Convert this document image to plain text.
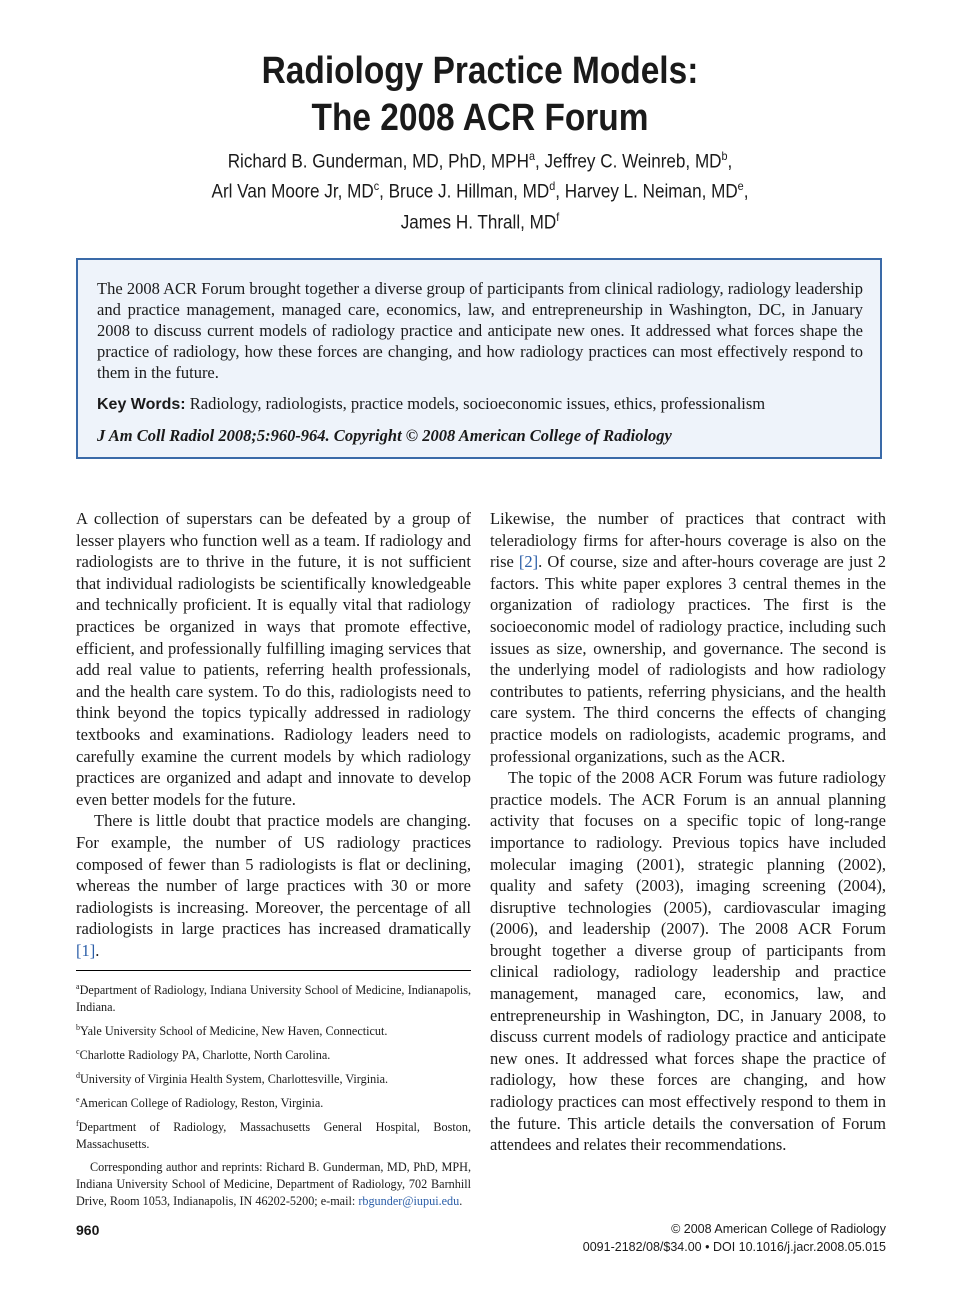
Radiology Practice Models:
The 2008 ACR Forum
Richard B. Gunderman, MD, PhD, MPH$^a$, Jeffrey C. Weinreb, $MD^b$,
Arl Van Moore Jr, $MD^c$, Bruce J. Hillman, $MD^d$, Harvey L. Neiman, MDe,
James H. Thrall, $MD^f$
The 2008 ACR Forum brought together a diverse group of participants from clinical radiology, radiology leadership and practice management, managed care, economics, law, and entrepreneurship in Washington, DC, in January 2008 to discuss current models of radiology practice and anticipate new ones. It addressed what forces shape the practice of radiology, how these forces are changing, and how radiology practices can most effectively respond to them in the future.
Key Words: Radiology, radiologists, practice models, socioeconomic issues, ethics, professionalism
J Am Coll Radiol 2008;5:960-964. Copyright © 2008 American College of Radiology

A collection of superstars can be defeated by a group of lesser players who function well as a team. If radiology and radiologists are to thrive in the future, it is not sufficient that individual radiologists be scientifically knowledgeable and technically proficient. It is equally vital that radiology practices be organized in ways that promote effective, efficient, and professionally fulfilling imaging services that add real value to patients, referring health professionals, and the health care system. To do this, radiologists need to think beyond the topics typically addressed in radiology textbooks and examinations. Radiology leaders need to carefully examine the current models by which radiology practices are organized and adapt and innovate to develop even better models for the future.

There is little doubt that practice models are changing. For example, the number of US radiology practices composed of fewer than 5 radiologists is flat or declining, whereas the number of large practices with 30 or more radiologists is increasing. Moreover, the percentage of all radiologists in large practices has increased dramatically [1].

$^a$Department of Radiology, Indiana University School of Medicine, Indianapolis, Indiana.

$^b$Yale University School of Medicine, New Haven, Connecticut.

$^c$Charlotte Radiology PA, Charlotte, North Carolina.

$^d$University of Virginia Health System, Charlottesville, Virginia.

$^e$American College of Radiology, Reston, Virginia.

$^f$Department of Radiology, Massachusetts General Hospital, Boston, Massachusetts.

Corresponding author and reprints: Richard B. Gunderman, MD, PhD, MPH, Indiana University School of Medicine, Department of Radiology, 702 Barnhill Drive, Room 1053, Indianapolis, IN 46202-5200; e-mail: rbgunder@iupui.edu.

Likewise, the number of practices that contract with teleradiology firms for after-hours coverage is also on the rise [2]. Of course, size and after-hours coverage are just 2 factors. This white paper explores 3 central themes in the organization of radiology practices. The first is the socioeconomic model of radiology practice, including such issues as size, ownership, and governance. The second is the underlying model of radiologists and how radiology contributes to patients, referring physicians, and the health care system. The third concerns the effects of changing practice models on radiologists, academic programs, and professional organizations, such as the ACR.

The topic of the 2008 ACR Forum was future radiology practice models. The ACR Forum is an annual planning activity that focuses on a specific topic of long-range importance to radiology. Previous topics have included molecular imaging (2001), strategic planning (2002), quality and safety (2003), imaging screening (2004), disruptive technologies (2005), cardiovascular imaging (2006), and leadership (2007). The 2008 ACR Forum brought together a diverse group of participants from clinical radiology, radiology leadership and practice management, managed care, economics, law, and entrepreneurship in Washington, DC, in January 2008, to discuss current models of radiology practice and anticipate new ones. It addressed what forces shape the practice of radiology, how these forces are changing, and how radiology practices can most effectively respond to them in the future. This article details the conversation of Forum attendees and relates their recommendations.

960	© 2008 American College of Radiology
0091-2182/08/$34.00 • DOI 10.1016/j.jacr.2008.05.015
